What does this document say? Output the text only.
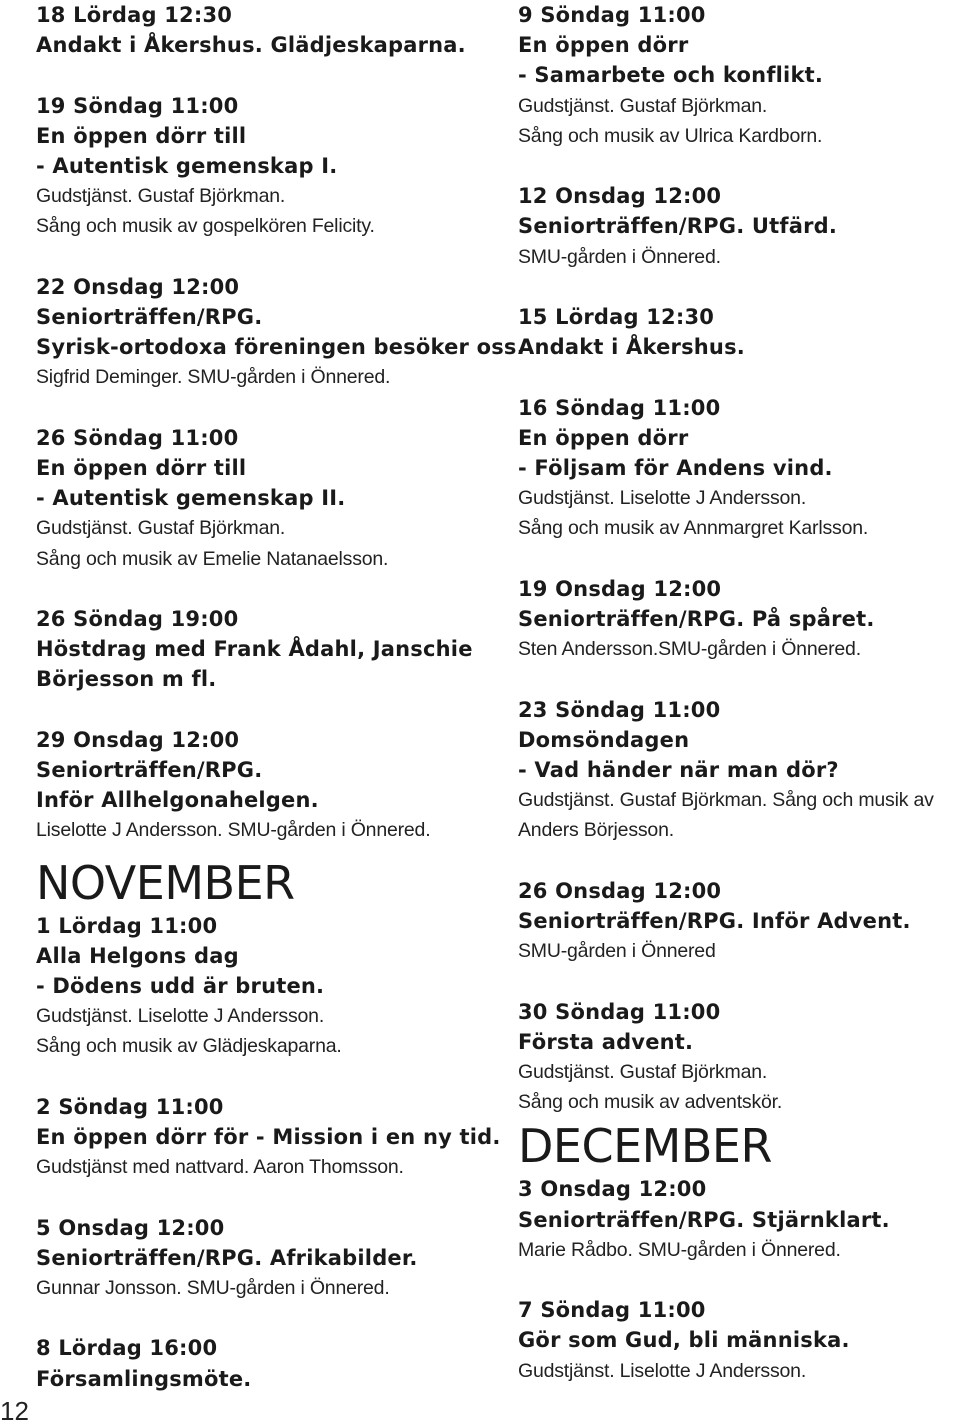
18 Lördag 12:30
Andakt i Åkershus. Glädjeskaparna.
19 Söndag 11:00
En öppen dörr till
- Autentisk gemenskap I.
Gudstjänst. Gustaf Björkman.
Sång och musik av gospelkören Felicity.
22 Onsdag 12:00
Seniorträffen/RPG.
Syrisk-ortodoxa föreningen besöker oss.
Sigfrid Deminger. SMU-gården i Önnered.
26 Söndag 11:00
En öppen dörr till
- Autentisk gemenskap II.
Gudstjänst. Gustaf Björkman.
Sång och musik av Emelie Natanaelsson.
26 Söndag 19:00
Höstdrag med Frank Ådahl, Janschie
Börjesson m fl.
29 Onsdag 12:00
Seniorträffen/RPG.
Inför Allhelgonahelgen.
Liselotte J Andersson. SMU-gården i Önnered.
NOVEMBER
1 Lördag 11:00
Alla Helgons dag
- Dödens udd är bruten.
Gudstjänst. Liselotte J Andersson.
Sång och musik av Glädjeskaparna.
2 Söndag 11:00
En öppen dörr för - Mission i en ny tid.
Gudstjänst med nattvard. Aaron Thomsson.
5 Onsdag 12:00
Seniorträffen/RPG. Afrikabilder.
Gunnar Jonsson. SMU-gården i Önnered.
8 Lördag 16:00
Församlingsmöte.
9 Söndag 11:00
En öppen dörr
- Samarbete och konflikt.
Gudstjänst. Gustaf Björkman.
Sång och musik av Ulrica Kardborn.
12 Onsdag 12:00
Seniorträffen/RPG. Utfärd.
SMU-gården i Önnered.
15 Lördag 12:30
Andakt i Åkershus.
16 Söndag 11:00
En öppen dörr
- Följsam för Andens vind.
Gudstjänst. Liselotte J Andersson.
Sång och musik av Annmargret Karlsson.
19 Onsdag 12:00
Seniorträffen/RPG. På spåret.
Sten Andersson.SMU-gården i Önnered.
23 Söndag 11:00
Domsöndagen
- Vad händer när man dör?
Gudstjänst. Gustaf Björkman. Sång och musik av
Anders Börjesson.
26 Onsdag 12:00
Seniorträffen/RPG. Inför Advent.
SMU-gården i Önnered
30 Söndag 11:00
Första advent.
Gudstjänst. Gustaf Björkman.
Sång och musik av adventskör.
DECEMBER
3 Onsdag 12:00
Seniorträffen/RPG. Stjärnklart.
Marie Rådbo. SMU-gården i Önnered.
7 Söndag 11:00
Gör som Gud, bli människa.
Gudstjänst. Liselotte J Andersson.
12
